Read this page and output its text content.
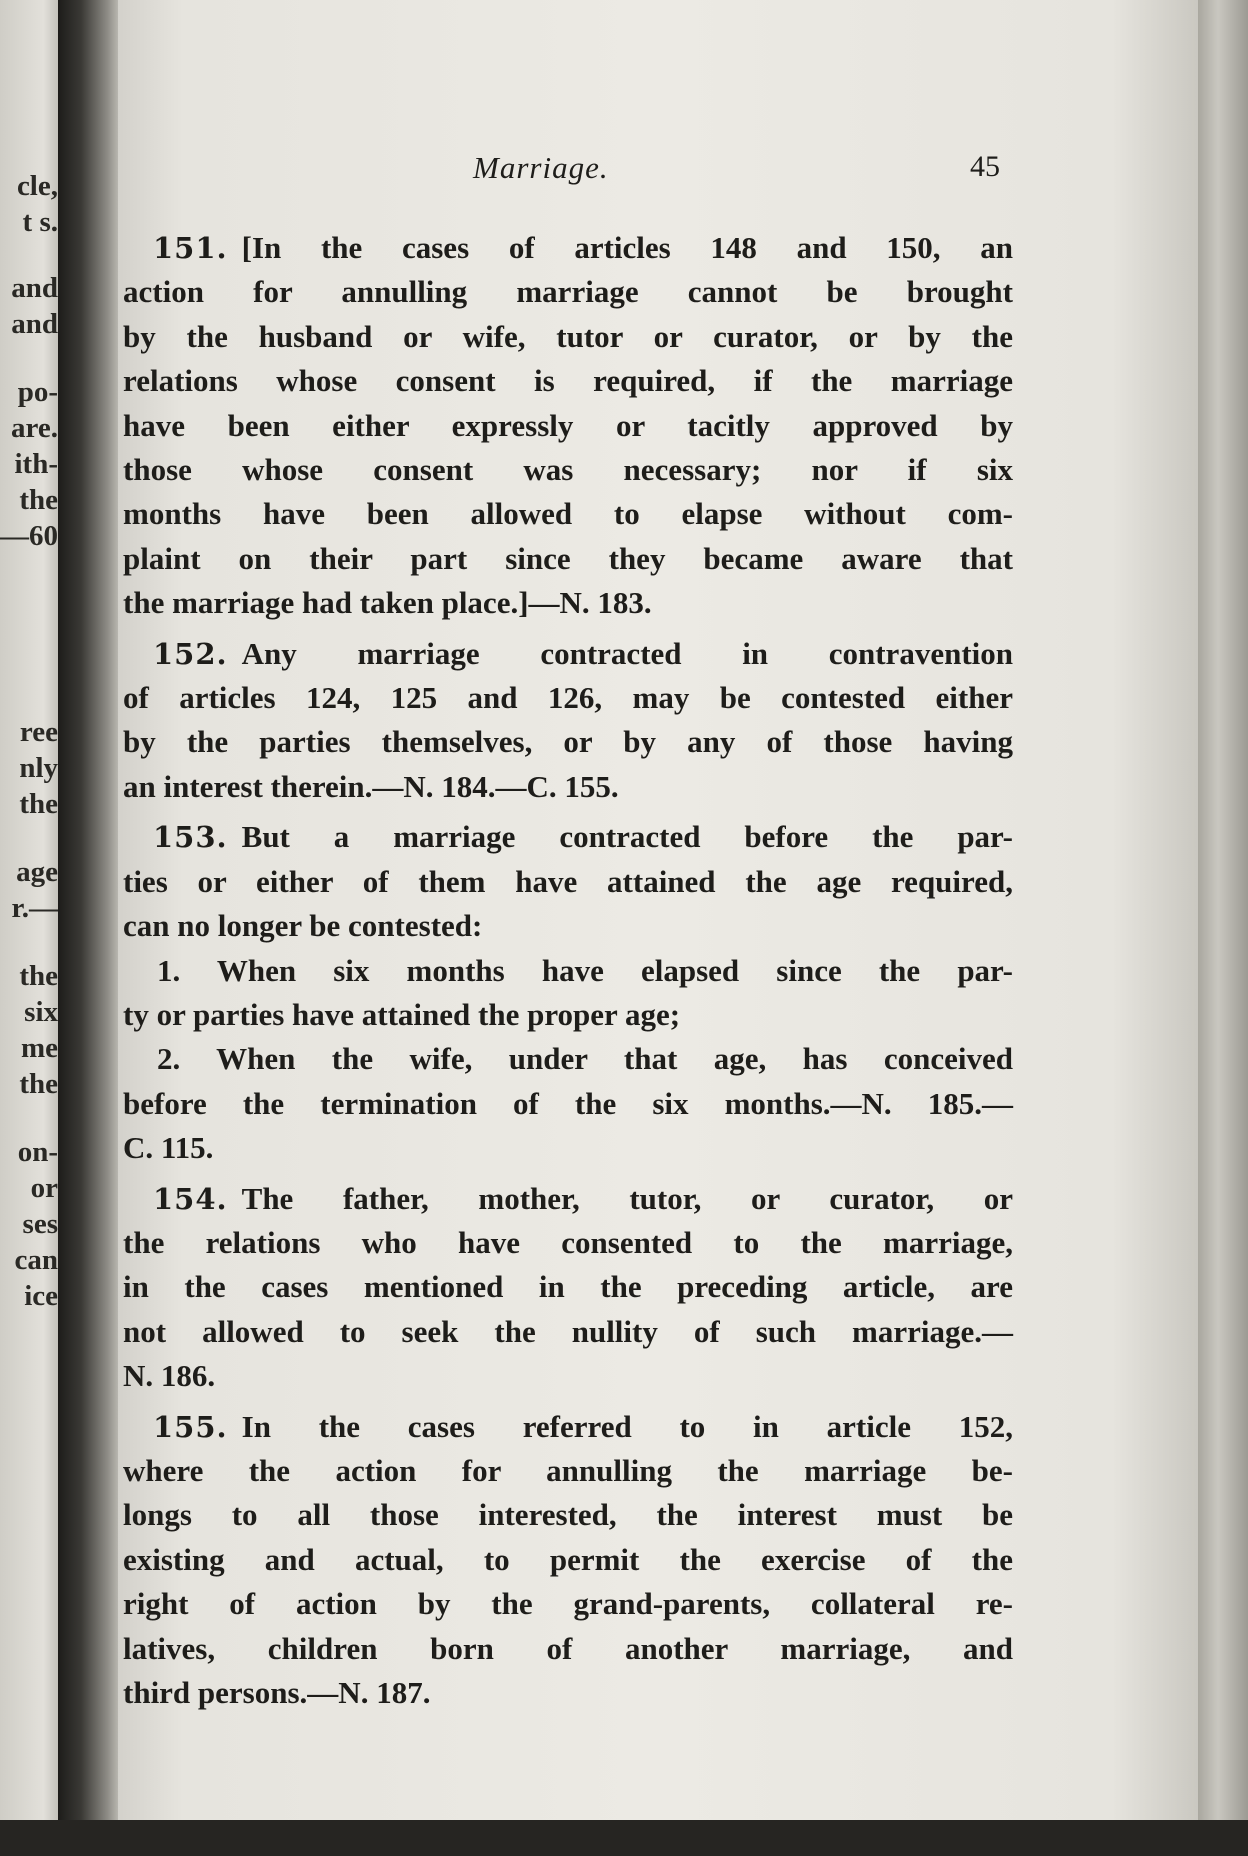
cle,
t s.
and
and
po-
are.
ith-
the
—60
ree
nly
the
age
r.—
the
six
me
the
on-
or
ses
can
ice
Marriage.	45
151. [In the cases of articles 148 and 150, an
action for annulling marriage cannot be brought
by the husband or wife, tutor or curator, or by the
relations whose consent is required, if the marriage
have been either expressly or tacitly approved by
those whose consent was necessary; nor if six
months have been allowed to elapse without com-
plaint on their part since they became aware that
the marriage had taken place.]—N. 183.
152. Any marriage contracted in contravention
of articles 124, 125 and 126, may be contested either
by the parties themselves, or by any of those having
an interest therein.—N. 184.—C. 155.
153. But a marriage contracted before the par-
ties or either of them have attained the age required,
can no longer be contested:
1. When six months have elapsed since the par-
ty or parties have attained the proper age;
2. When the wife, under that age, has conceived
before the termination of the six months.—N. 185.—
C. 115.
154. The father, mother, tutor, or curator, or
the relations who have consented to the marriage,
in the cases mentioned in the preceding article, are
not allowed to seek the nullity of such marriage.—
N. 186.
155. In the cases referred to in article 152,
where the action for annulling the marriage be-
longs to all those interested, the interest must be
existing and actual, to permit the exercise of the
right of action by the grand-parents, collateral re-
latives, children born of another marriage, and
third persons.—N. 187.
